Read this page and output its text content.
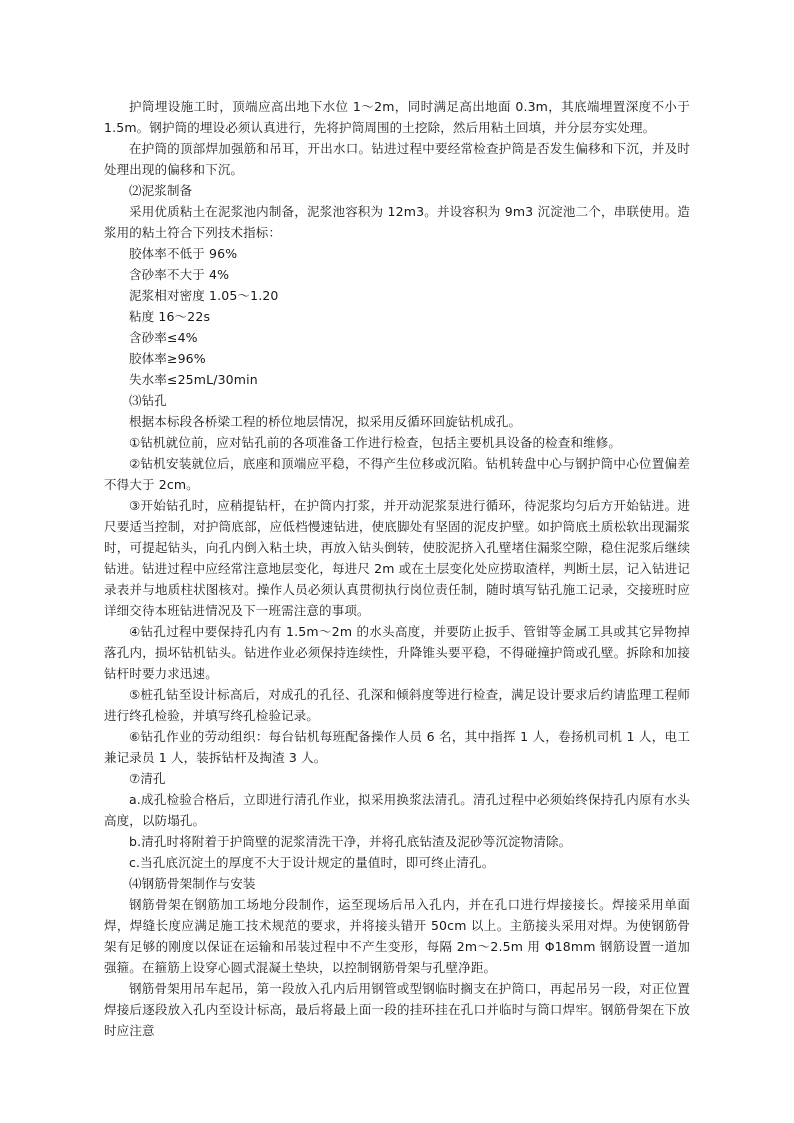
护筒埋设施工时，顶端应高出地下水位 1～2m，同时满足高出地面 0.3m，其底端埋置深度不小于 1.5m。钢护筒的埋设必须认真进行，先将护筒周围的土挖除，然后用粘土回填，并分层夯实处理。

在护筒的顶部焊加强筋和吊耳，开出水口。钻进过程中要经常检查护筒是否发生偏移和下沉，并及时处理出现的偏移和下沉。

⑵泥浆制备

采用优质粘土在泥浆池内制备，泥浆池容积为 12m3。并设容积为 9m3 沉淀池二个，串联使用。造浆用的粘土符合下列技术指标：

胶体率不低于 96%

含砂率不大于 4%

泥浆相对密度 1.05～1.20

粘度 16～22s

含砂率≤4%

胶体率≥96%

失水率≤25mL/30min

⑶钻孔

根据本标段各桥梁工程的桥位地层情况，拟采用反循环回旋钻机成孔。

①钻机就位前，应对钻孔前的各项准备工作进行检查，包括主要机具设备的检查和维修。

②钻机安装就位后，底座和顶端应平稳，不得产生位移或沉陷。钻机转盘中心与钢护筒中心位置偏差不得大于 2cm。

③开始钻孔时，应稍提钻杆，在护筒内打浆，并开动泥浆泵进行循环，待泥浆均匀后方开始钻进。进尺要适当控制，对护筒底部，应低档慢速钻进，使底脚处有坚固的泥皮护壁。如护筒底土质松软出现漏浆时，可提起钻头，向孔内倒入粘土块，再放入钻头倒转，使胶泥挤入孔壁堵住漏浆空隙，稳住泥浆后继续钻进。钻进过程中应经常注意地层变化，每进尺 2m 或在土层变化处应捞取渣样，判断土层，记入钻进记录表并与地质柱状图核对。操作人员必须认真贯彻执行岗位责任制，随时填写钻孔施工记录，交接班时应详细交待本班钻进情况及下一班需注意的事项。

④钻孔过程中要保持孔内有 1.5m～2m 的水头高度，并要防止扳手、管钳等金属工具或其它异物掉落孔内，损坏钻机钻头。钻进作业必须保持连续性，升降锥头要平稳，不得碰撞护筒或孔壁。拆除和加接钻杆时要力求迅速。

⑤桩孔钻至设计标高后，对成孔的孔径、孔深和倾斜度等进行检查，满足设计要求后约请监理工程师进行终孔检验，并填写终孔检验记录。

⑥钻孔作业的劳动组织：每台钻机每班配备操作人员 6 名，其中指挥 1 人，卷扬机司机 1 人，电工兼记录员 1 人，装拆钻杆及掏渣 3 人。

⑦清孔

a.成孔检验合格后，立即进行清孔作业，拟采用换浆法清孔。清孔过程中必须始终保持孔内原有水头高度，以防塌孔。

b.清孔时将附着于护筒壁的泥浆清洗干净，并将孔底钻渣及泥砂等沉淀物清除。

c.当孔底沉淀土的厚度不大于设计规定的量值时，即可终止清孔。

⑷钢筋骨架制作与安装

钢筋骨架在钢筋加工场地分段制作，运至现场后吊入孔内，并在孔口进行焊接接长。焊接采用单面焊，焊缝长度应满足施工技术规范的要求，并将接头错开 50cm 以上。主筋接头采用对焊。为使钢筋骨架有足够的刚度以保证在运输和吊装过程中不产生变形，每隔 2m～2.5m 用 Φ18mm 钢筋设置一道加强箍。在箍筋上设穿心圆式混凝土垫块，以控制钢筋骨架与孔壁净距。

钢筋骨架用吊车起吊，第一段放入孔内后用钢管或型钢临时搁支在护筒口，再起吊另一段，对正位置焊接后逐段放入孔内至设计标高，最后将最上面一段的挂环挂在孔口并临时与筒口焊牢。钢筋骨架在下放时应注意
